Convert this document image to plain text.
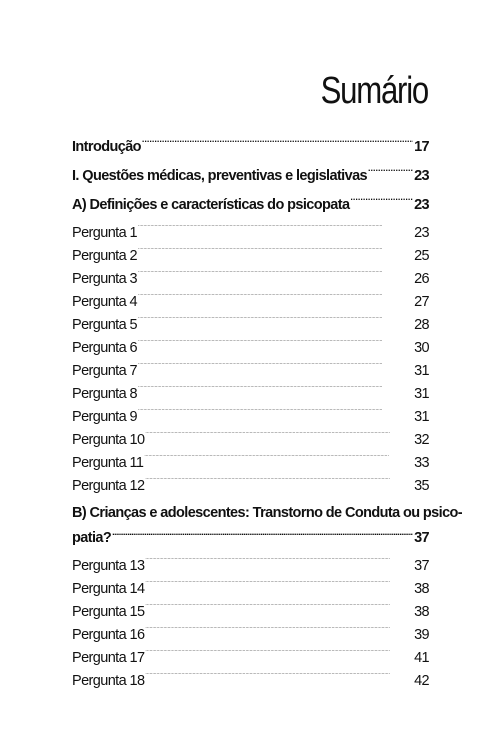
Sumário
Introdução .....	17
I. Questões médicas, preventivas e legislativas .....	23
A) Definições e características do psicopata .....	23
Pergunta 1 .....	23
Pergunta 2 .....	25
Pergunta 3 .....	26
Pergunta 4 .....	27
Pergunta 5 .....	28
Pergunta 6 .....	30
Pergunta 7 .....	31
Pergunta 8 .....	31
Pergunta 9 .....	31
Pergunta 10 .....	32
Pergunta 11 .....	33
Pergunta 12 .....	35
B) Crianças e adolescentes: Transtorno de Conduta ou psico-
patia? .....	37
Pergunta 13 .....	37
Pergunta 14 .....	38
Pergunta 15 .....	38
Pergunta 16 .....	39
Pergunta 17 .....	41
Pergunta 18 .....	42
